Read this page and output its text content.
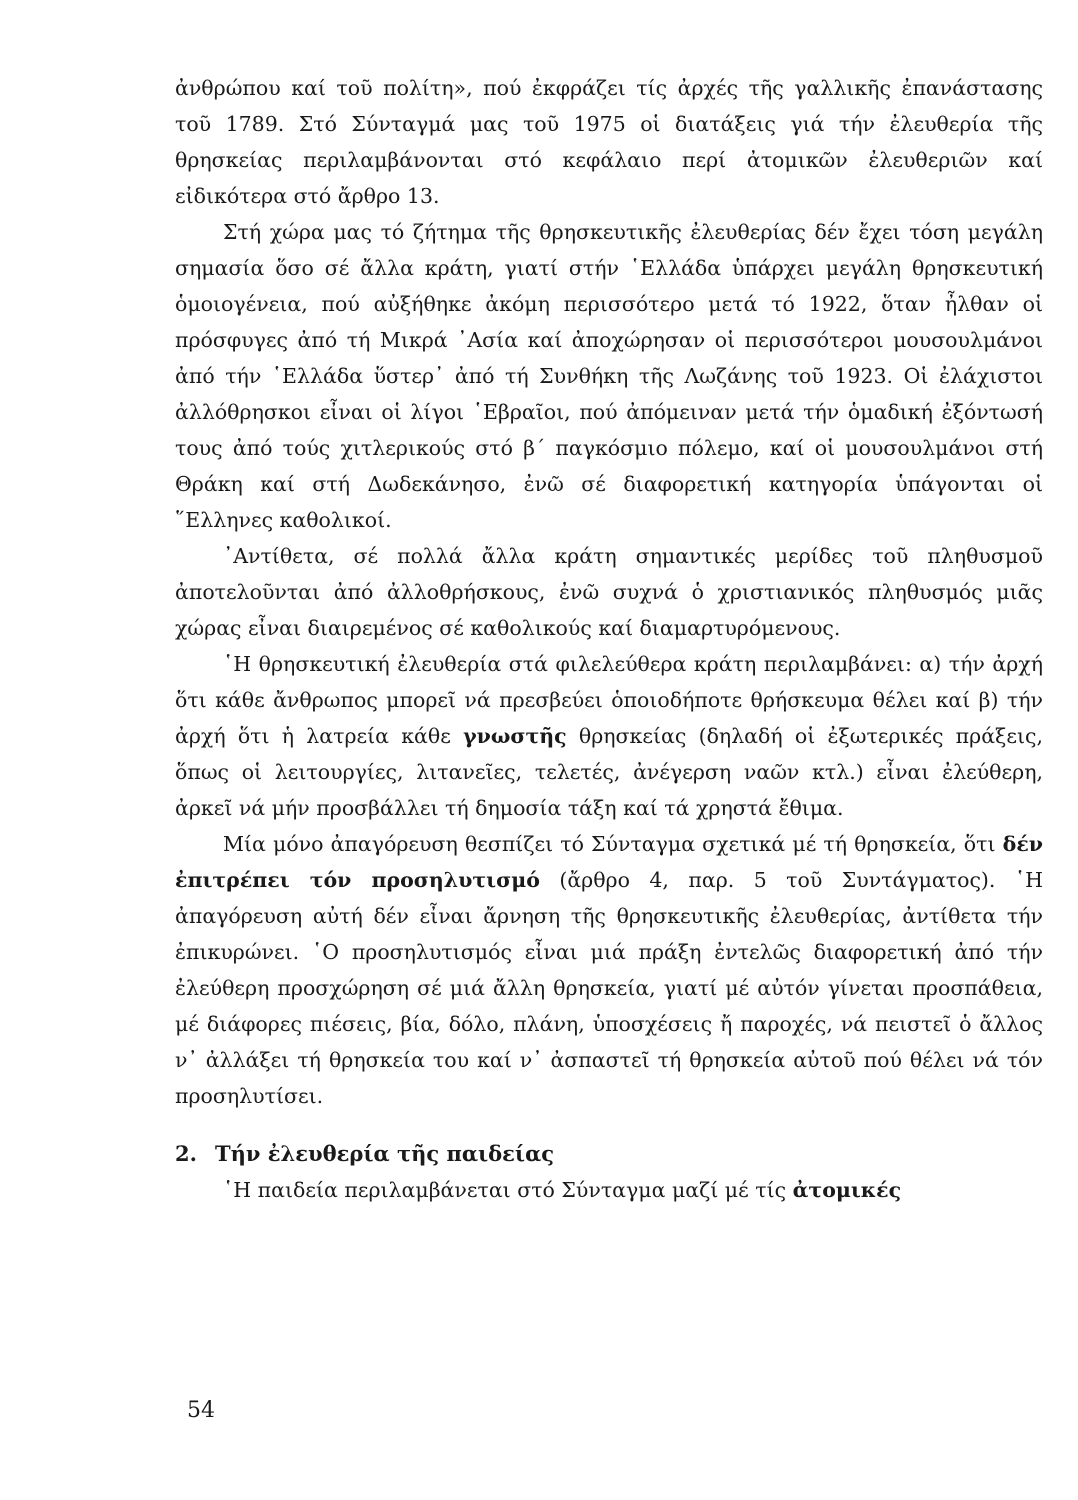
ἀνθρώπου καί τοῦ πολίτη», πού ἐκφράζει τίς ἀρχές τῆς γαλλικῆς ἐπανάστασης τοῦ 1789. Στό Σύνταγμά μας τοῦ 1975 οἱ διατάξεις γιά τήν ἐλευθερία τῆς θρησκείας περιλαμβάνονται στό κεφάλαιο περί ἀτομικῶν ἐλευθεριῶν καί εἰδικότερα στό ἄρθρο 13.

Στή χώρα μας τό ζήτημα τῆς θρησκευτικῆς ἐλευθερίας δέν ἔχει τόση μεγάλη σημασία ὅσο σέ ἄλλα κράτη, γιατί στήν ῾Ελλάδα ὑπάρχει μεγάλη θρησκευτική ὁμοιογένεια, πού αὐξήθηκε ἀκόμη περισσότερο μετά τό 1922, ὅταν ἦλθαν οἱ πρόσφυγες ἀπό τή Μικρά ᾿Ασία καί ἀποχώρησαν οἱ περισσότεροι μουσουλμάνοι ἀπό τήν ῾Ελλάδα ὕστερ᾿ ἀπό τή Συνθήκη τῆς Λωζάνης τοῦ 1923. Οἱ ἐλάχιστοι ἀλλόθρησκοι εἶναι οἱ λίγοι ῾Εβραῖοι, πού ἀπόμειναν μετά τήν ὁμαδική ἐξόντωσή τους ἀπό τούς χιτλερικούς στό β´ παγκόσμιο πόλεμο, καί οἱ μουσουλμάνοι στή Θράκη καί στή Δωδεκάνησο, ἐνῶ σέ διαφορετική κατηγορία ὑπάγονται οἱ ῞Ελληνες καθολικοί.

᾿Αντίθετα, σέ πολλά ἄλλα κράτη σημαντικές μερίδες τοῦ πληθυσμοῦ ἀποτελοῦνται ἀπό ἀλλοθρήσκους, ἐνῶ συχνά ὁ χριστιανικός πληθυσμός μιᾶς χώρας εἶναι διαιρεμένος σέ καθολικούς καί διαμαρτυρόμενους.

῾Η θρησκευτική ἐλευθερία στά φιλελεύθερα κράτη περιλαμβάνει: α) τήν ἀρχή ὅτι κάθε ἄνθρωπος μπορεῖ νά πρεσβεύει ὁποιοδήποτε θρήσκευμα θέλει καί β) τήν ἀρχή ὅτι ἡ λατρεία κάθε γνωστῆς θρησκείας (δηλαδή οἱ ἐξωτερικές πράξεις, ὅπως οἱ λειτουργίες, λιτανεῖες, τελετές, ἀνέγερση ναῶν κτλ.) εἶναι ἐλεύθερη, ἀρκεῖ νά μήν προσβάλλει τή δημοσία τάξη καί τά χρηστά ἔθιμα.

Μία μόνο ἀπαγόρευση θεσπίζει τό Σύνταγμα σχετικά μέ τή θρησκεία, ὅτι δέν ἐπιτρέπει τόν προσηλυτισμό (ἄρθρο 4, παρ. 5 τοῦ Συντάγματος). ῾Η ἀπαγόρευση αὐτή δέν εἶναι ἄρνηση τῆς θρησκευτικῆς ἐλευθερίας, ἀντίθετα τήν ἐπικυρώνει. ῾Ο προσηλυτισμός εἶναι μιά πράξη ἐντελῶς διαφορετική ἀπό τήν ἐλεύθερη προσχώρηση σέ μιά ἄλλη θρησκεία, γιατί μέ αὐτόν γίνεται προσπάθεια, μέ διάφορες πιέσεις, βία, δόλο, πλάνη, ὑποσχέσεις ἤ παροχές, νά πειστεῖ ὁ ἄλλος ν᾿ ἀλλάξει τή θρησκεία του καί ν᾿ ἀσπαστεῖ τή θρησκεία αὐτοῦ πού θέλει νά τόν προσηλυτίσει.

2. Τήν ἐλευθερία τῆς παιδείας

῾Η παιδεία περιλαμβάνεται στό Σύνταγμα μαζί μέ τίς ἀτομικές

54
